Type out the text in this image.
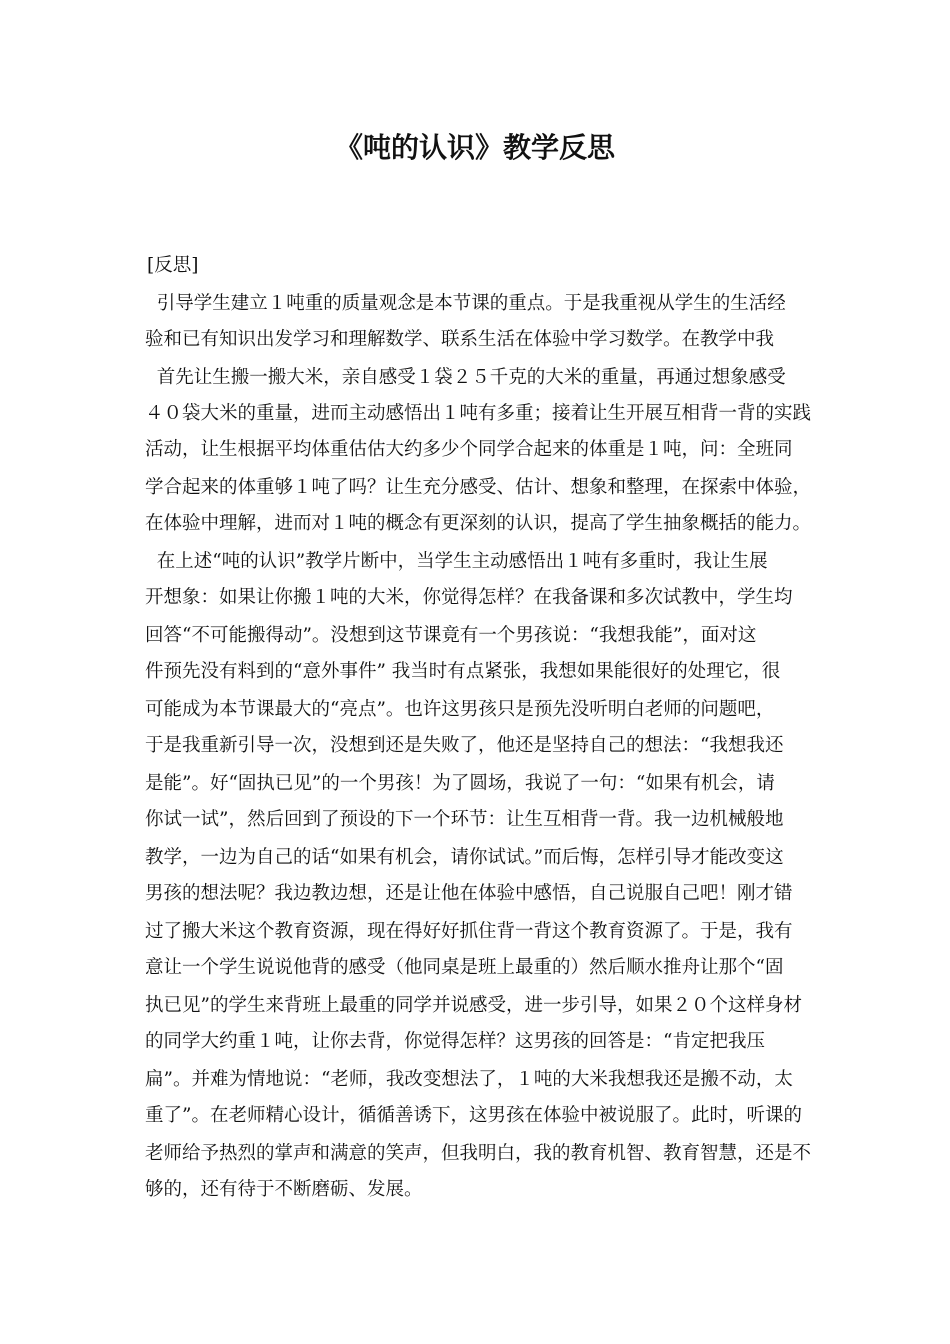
《吨的认识》教学反思

[反思]

引导学生建立１吨重的质量观念是本节课的重点。于是我重视从学生的生活经

验和已有知识出发学习和理解数学、联系生活在体验中学习数学。在教学中我

首先让生搬一搬大米，亲自感受１袋２５千克的大米的重量，再通过想象感受

４０袋大米的重量，进而主动感悟出１吨有多重；接着让生开展互相背一背的实践

活动，让生根据平均体重估估大约多少个同学合起来的体重是１吨，问：全班同

学合起来的体重够１吨了吗？让生充分感受、估计、想象和整理，在探索中体验，

在体验中理解，进而对１吨的概念有更深刻的认识，提高了学生抽象概括的能力。

在上述“吨的认识”教学片断中，当学生主动感悟出１吨有多重时，我让生展

开想象：如果让你搬１吨的大米，你觉得怎样？在我备课和多次试教中，学生均

回答“不可能搬得动”。没想到这节课竟有一个男孩说：“我想我能”，面对这

件预先没有料到的“意外事件” 我当时有点紧张，我想如果能很好的处理它，很

可能成为本节课最大的“亮点”。也许这男孩只是预先没听明白老师的问题吧，

于是我重新引导一次，没想到还是失败了，他还是坚持自己的想法：“我想我还

是能”。好“固执已见”的一个男孩！为了圆场，我说了一句：“如果有机会，请

你试一试”，然后回到了预设的下一个环节：让生互相背一背。我一边机械般地

教学，一边为自己的话“如果有机会，请你试试。”而后悔，怎样引导才能改变这

男孩的想法呢？我边教边想，还是让他在体验中感悟，自己说服自己吧！刚才错

过了搬大米这个教育资源，现在得好好抓住背一背这个教育资源了。于是，我有

意让一个学生说说他背的感受（他同桌是班上最重的）然后顺水推舟让那个“固

执已见”的学生来背班上最重的同学并说感受，进一步引导，如果２０个这样身材

的同学大约重１吨，让你去背，你觉得怎样？这男孩的回答是：“肯定把我压

扁”。并难为情地说：“老师，我改变想法了，１吨的大米我想我还是搬不动，太

重了”。在老师精心设计，循循善诱下，这男孩在体验中被说服了。此时，听课的

老师给予热烈的掌声和满意的笑声，但我明白，我的教育机智、教育智慧，还是不

够的，还有待于不断磨砺、发展。
